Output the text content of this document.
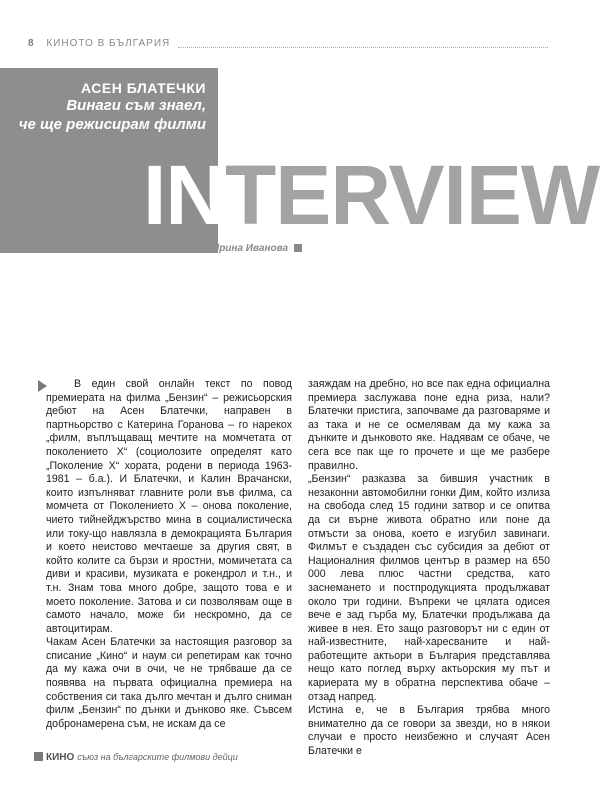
8 КИНОТО В БЪЛГАРИЯ
АСЕН БЛАТЕЧКИ
Винаги съм знаел,
че ще режисирам филми
INTERVIEW
Ирина Иванова

В един свой онлайн текст по повод премиерата на филма „Бензин“ – режисьорския дебют на Асен Блатечки, направен в партньорство с Катерина Горанова – го нарекох „филм, въплъщаващ мечтите на момчетата от поколението Х“ (социолозите определят като „Поколение Х“ хората, родени в периода 1963-1981 – б.а.). И Блатечки, и Калин Врачански, които изпълняват главните роли във филма, са момчета от Поколението Х – онова поколение, чието тийнейджърство мина в социалистическа или току-що навлязла в демокрацията България и което неистово мечтаеше за другия свят, в който колите са бързи и яростни, момичетата са диви и красиви, музиката е рокендрол и т.н., и т.н. Знам това много добре, защото това е и моето поколение. Затова и си позволявам още в самото начало, може би нескромно, да се автоцитирам.

Чакам Асен Блатечки за настоящия разговор за списание „Кино“ и наум си репетирам как точно да му кажа очи в очи, че не трябваше да се появява на първата официална премиера на собствения си така дълго мечтан и дълго сниман филм „Бензин“ по дънки и дънково яке. Съвсем добронамерена съм, не искам да се

заяждам на дребно, но все пак една официална премиера заслужава поне една риза, нали? Блатечки пристига, започваме да разговаряме и аз така и не се осмелявам да му кажа за дънките и дънковото яке. Надявам се обаче, че сега все пак ще го прочете и ще ме разбере правилно.

„Бензин“ разказва за бившия участник в незаконни автомобилни гонки Дим, който излиза на свобода след 15 години затвор и се опитва да си върне живота обратно или поне да отмъсти за онова, което е изгубил завинаги. Филмът е създаден със субсидия за дебют от Националния филмов център в размер на 650 000 лева плюс частни средства, като заснемането и постпродукцията продължават около три години. Въпреки че цялата одисея вече е зад гърба му, Блатечки продължава да живее в нея. Ето защо разговорът ни с един от най-известните, най-харесваните и най-работещите актьори в България представлява нещо като поглед върху актьорския му път и кариерата му в обратна перспектива обаче – отзад напред.

Истина е, че в България трябва много внимателно да се говори за звезди, но в някои случаи е просто неизбежно и случаят Асен Блатечки е

КИНО съюз на българските филмови дейци
